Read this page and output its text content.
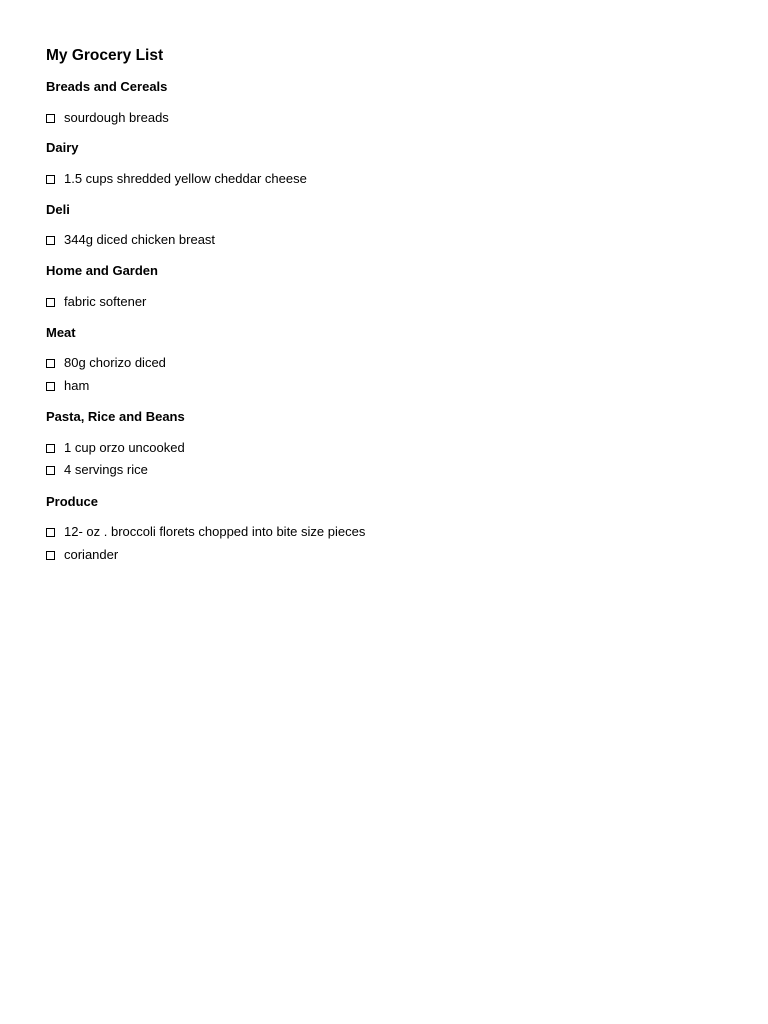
My Grocery List
Breads and Cereals
sourdough breads
Dairy
1.5 cups shredded yellow cheddar cheese
Deli
344g diced chicken breast
Home and Garden
fabric softener
Meat
80g chorizo diced
ham
Pasta, Rice and Beans
1 cup orzo uncooked
4 servings rice
Produce
12- oz . broccoli florets chopped into bite size pieces
coriander
